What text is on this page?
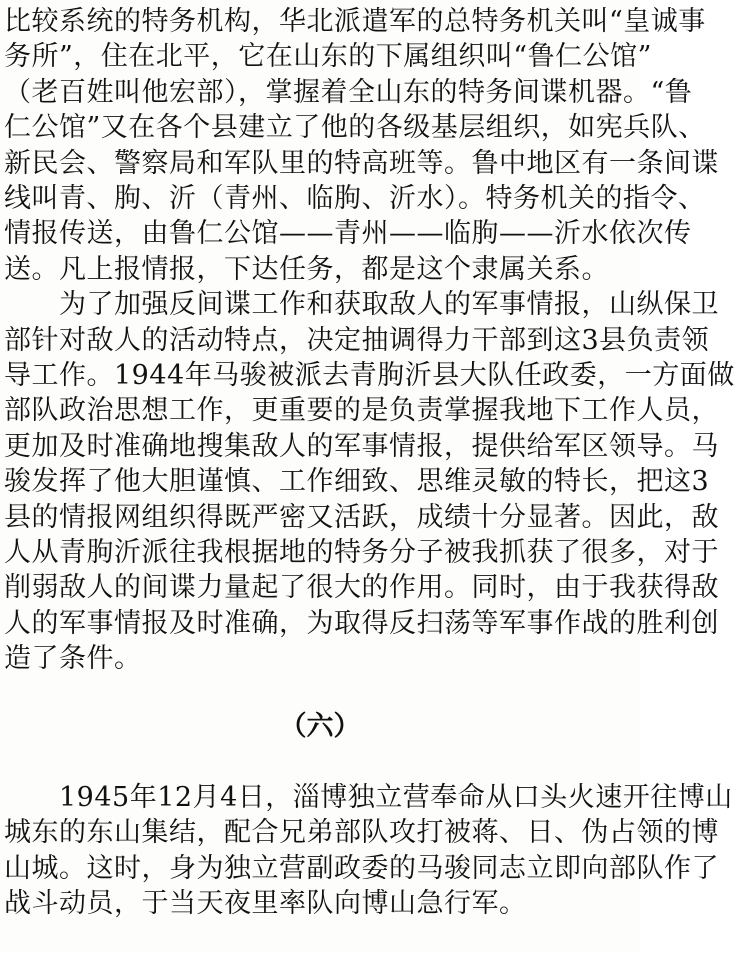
（六）
比较系统的特务机构，华北派遣军的总特务机关叫“皇诚事
务所”，住在北平，它在山东的下属组织叫“鲁仁公馆”
（老百姓叫他宏部），掌握着全山东的特务间谍机器。“鲁
仁公馆”又在各个县建立了他的各级基层组织，如宪兵队、
新民会、警察局和军队里的特高班等。鲁中地区有一条间谍
线叫青、朐、沂（青州、临朐、沂水）。特务机关的指令、
情报传送，由鲁仁公馆——青州——临朐——沂水依次传
送。凡上报情报，下达任务，都是这个隶属关系。
　　为了加强反间谍工作和获取敌人的军事情报，山纵保卫
部针对敌人的活动特点，决定抽调得力干部到这3县负责领
导工作。1944年马骏被派去青朐沂县大队任政委，一方面做
部队政治思想工作，更重要的是负责掌握我地下工作人员，
更加及时准确地搜集敌人的军事情报，提供给军区领导。马
骏发挥了他大胆谨慎、工作细致、思维灵敏的特长，把这3
县的情报网组织得既严密又活跃，成绩十分显著。因此，敌
人从青朐沂派往我根据地的特务分子被我抓获了很多，对于
削弱敌人的间谍力量起了很大的作用。同时，由于我获得敌
人的军事情报及时准确，为取得反扫荡等军事作战的胜利创
造了条件。
　　1945年12月4日，淄博独立营奉命从口头火速开往博山
城东的东山集结，配合兄弟部队攻打被蒋、日、伪占领的博
山城。这时，身为独立营副政委的马骏同志立即向部队作了
战斗动员，于当天夜里率队向博山急行军。
